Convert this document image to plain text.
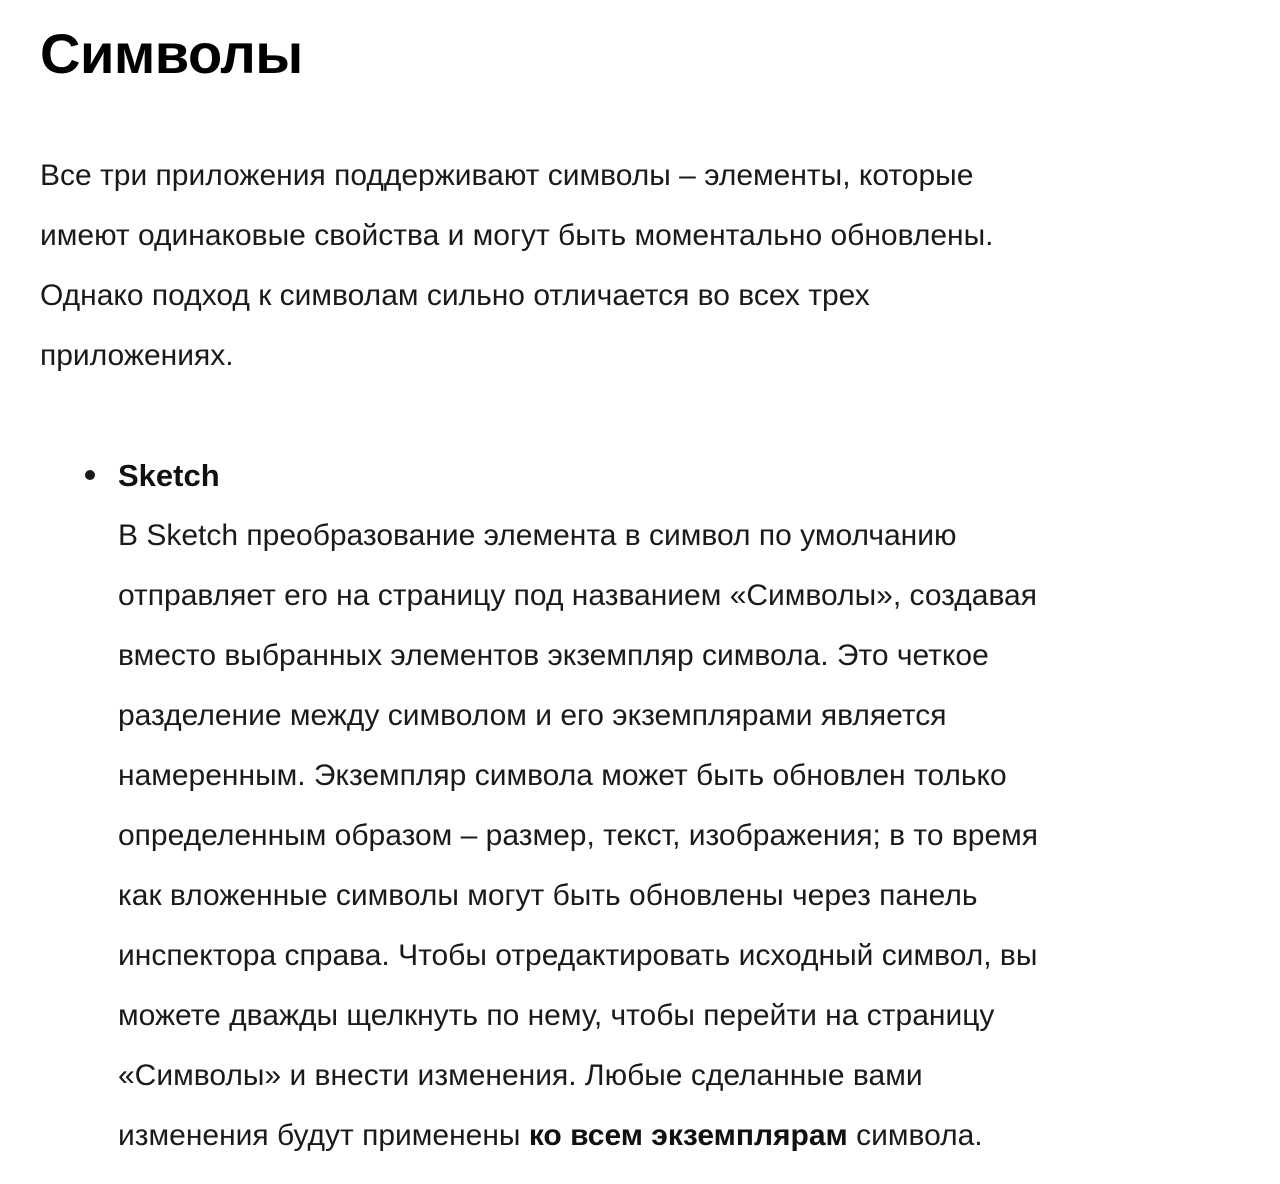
Символы

Все три приложения поддерживают символы – элементы, которые
имеют одинаковые свойства и могут быть моментально обновлены.
Однако подход к символам сильно отличается во всех трех
приложениях.

Sketch
В Sketch преобразование элемента в символ по умолчанию
отправляет его на страницу под названием «Символы», создавая
вместо выбранных элементов экземпляр символа. Это четкое
разделение между символом и его экземплярами является
намеренным. Экземпляр символа может быть обновлен только
определенным образом – размер, текст, изображения; в то время
как вложенные символы могут быть обновлены через панель
инспектора справа. Чтобы отредактировать исходный символ, вы
можете дважды щелкнуть по нему, чтобы перейти на страницу
«Символы» и внести изменения. Любые сделанные вами
изменения будут применены ко всем экземплярам символа.
